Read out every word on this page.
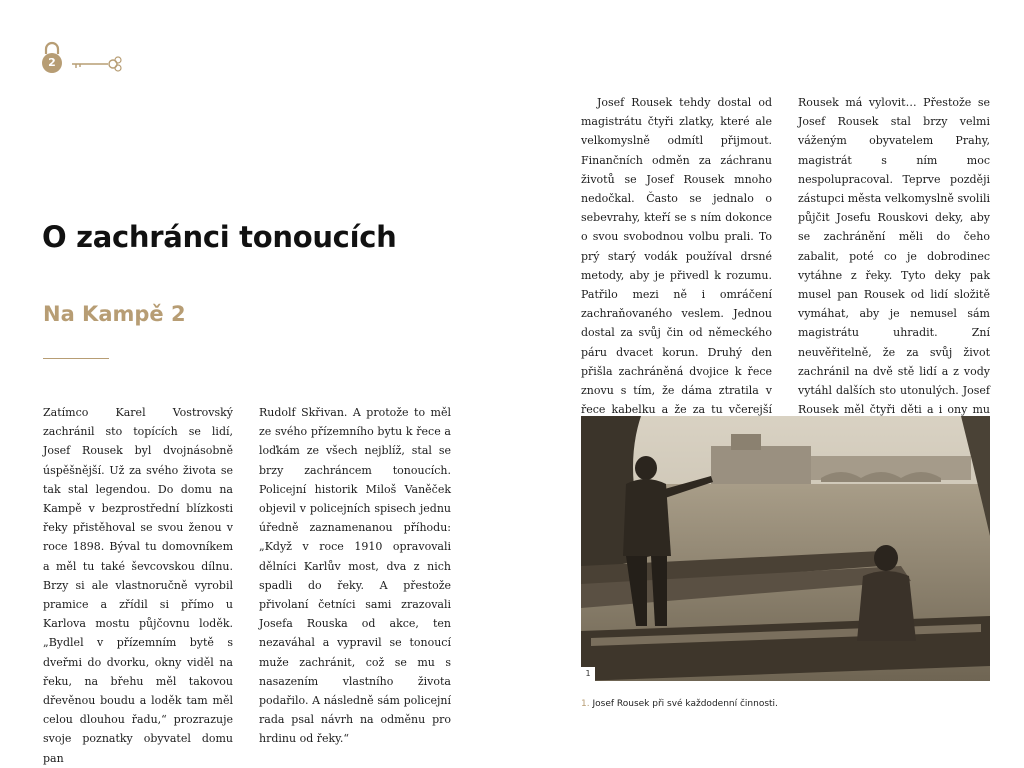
2
O zachránci tonoucích
Na Kampě 2

Zatímco Karel Vostrovský zachránil sto topících se lidí, Josef Rousek byl dvojnásobně úspěšnější. Už za svého života se tak stal legendou. Do domu na Kampě v bezprostřední blízkosti řeky přistěhoval se svou ženou v roce 1898. Býval tu domovníkem a měl tu také ševcovskou dílnu. Brzy si ale vlastnoručně vyrobil pramice a zřídil si přímo u Karlova mostu půjčovnu loděk. „Bydlel v přízemním bytě s dveřmi do dvorku, okny viděl na řeku, na břehu měl takovou dřevěnou boudu a loděk tam měl celou dlouhou řadu,“ prozrazuje svoje poznatky obyvatel domu pan

Rudolf Skřivan. A protože to měl ze svého přízemního bytu k řece a loďkám ze všech nejblíž, stal se brzy zachráncem tonoucích. Policejní historik Miloš Vaněček objevil v policejních spisech jednu úředně zaznamenanou příhodu: „Když v roce 1910 opravovali dělníci Karlův most, dva z nich spadli do řeky. A přestože přivolaní četníci sami zrazovali Josefa Rouska od akce, ten nezaváhal a vypravil se tonoucí muže zachránit, což se mu s nasazením vlastního života podařilo. A následně sám policejní rada psal návrh na odměnu pro hrdinu od řeky.“

Josef Rousek tehdy dostal od magistrátu čtyři zlatky, které ale velkomyslně odmítl přijmout. Finančních odměn za záchranu životů se Josef Rousek mnoho nedočkal. Často se jednalo o sebevrahy, kteří se s ním dokonce o svou svobodnou volbu prali. To prý starý vodák používal drsné metody, aby je přivedl k rozumu. Patřilo mezi ně i omráčení zachraňovaného veslem. Jednou dostal za svůj čin od německého páru dvacet korun. Druhý den přišla zachráněná dvojice k řece znovu s tím, že dáma ztratila v řece kabelku a že za tu včerejší

Rousek má vylovit… Přestože se Josef Rousek stal brzy velmi váženým obyvatelem Prahy, magistrát s ním moc nespolupracoval. Teprve později zástupci města velkomyslně svolili půjčit Josefu Rouskovi deky, aby se zachránění měli do čeho zabalit, poté co je dobrodinec vytáhne z řeky. Tyto deky pak musel pan Rousek od lidí složitě vymáhat, aby je nemusel sám magistrátu uhradit. Zní neuvěřitelně, že za svůj život zachránil na dvě stě lidí a z vody vytáhl dalších sto utonulých. Josef Rousek měl čtyři děti a i ony mu

1
1. Josef Rousek při své každodenní činnosti.
